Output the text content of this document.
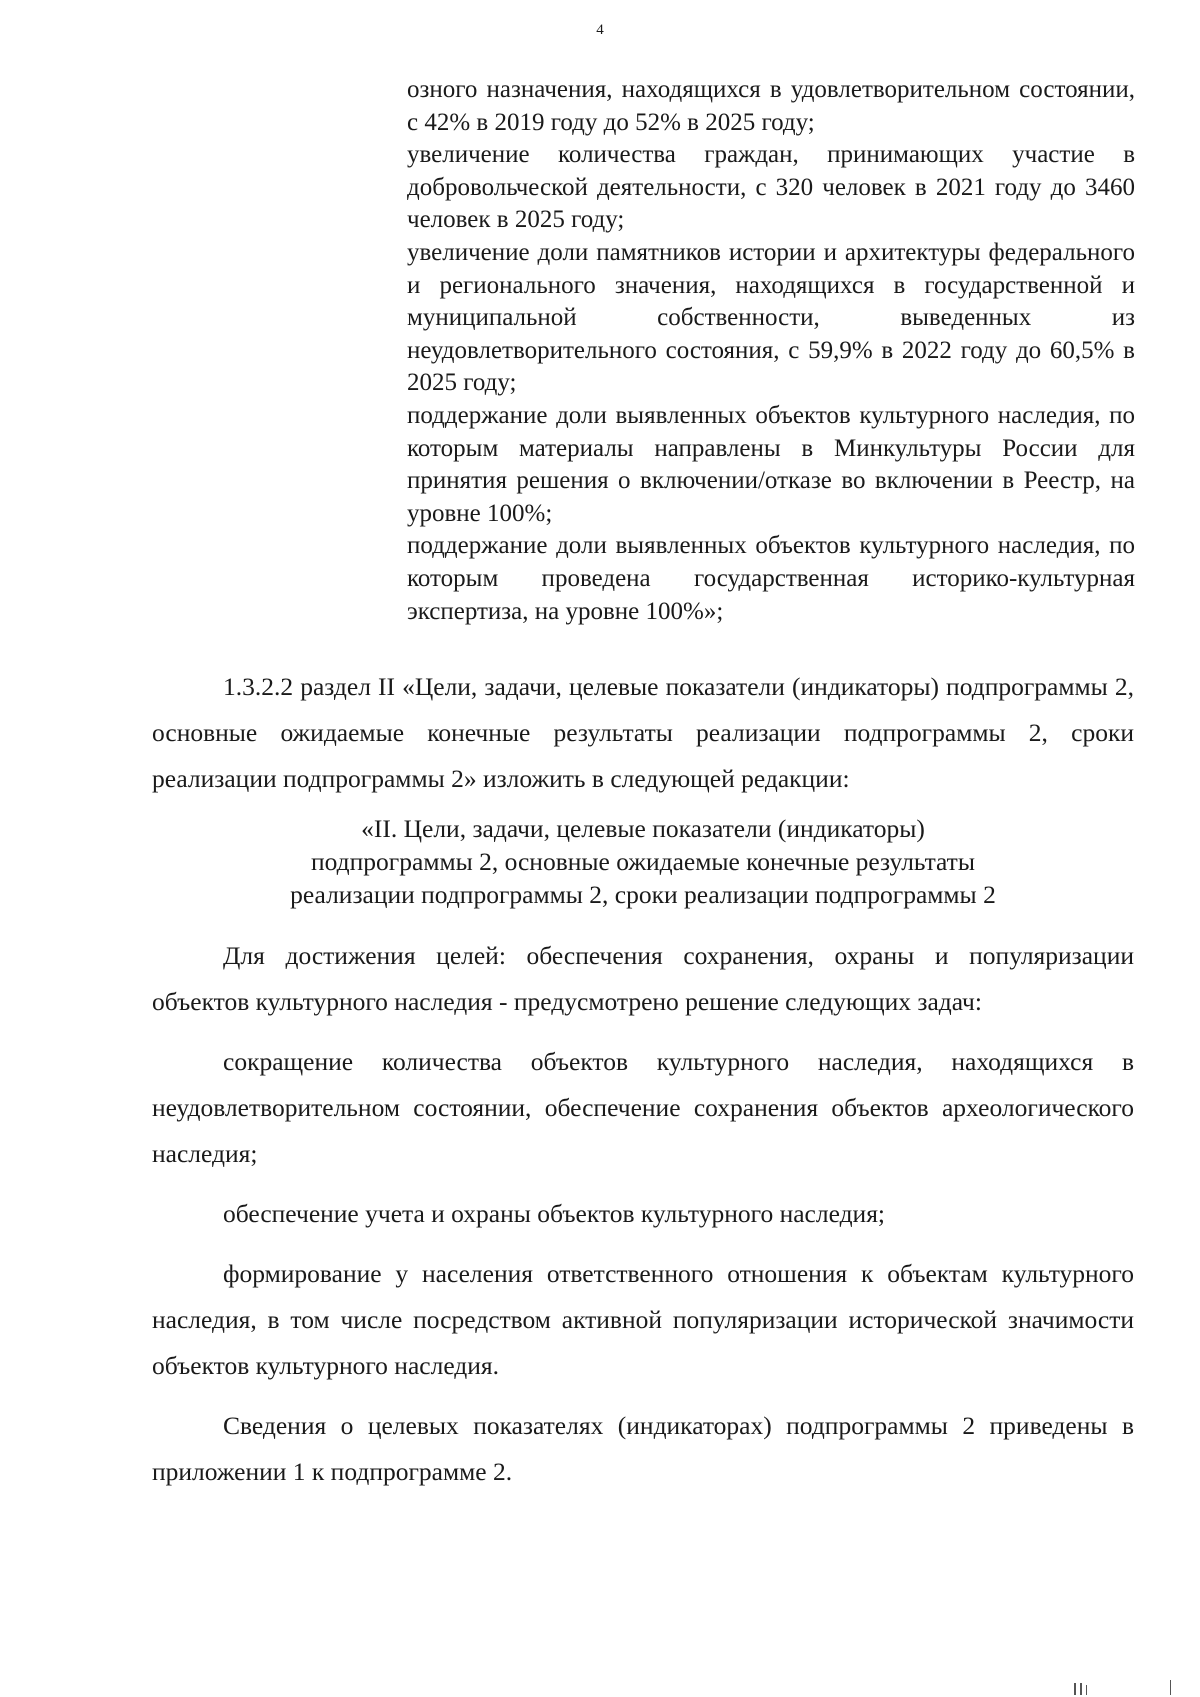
4

озного назначения, находящихся в удовлетворительном состоянии, с 42% в 2019 году до 52% в 2025 году;

увеличение количества граждан, принимающих участие в добровольческой деятельности, с 320 человек в 2021 году до 3460 человек в 2025 году;

увеличение доли памятников истории и архитектуры федерального и регионального значения, находящихся в государственной и муниципальной собственности, выведенных из неудовлетворительного состояния, с 59,9% в 2022 году до 60,5% в 2025 году;

поддержание доли выявленных объектов культурного наследия, по которым материалы направлены в Минкультуры России для принятия решения о включении/отказе во включении в Реестр, на уровне 100%;

поддержание доли выявленных объектов культурного наследия, по которым проведена государственная историко-культурная экспертиза, на уровне 100%»;

1.3.2.2 раздел II «Цели, задачи, целевые показатели (индикаторы) подпрограммы 2, основные ожидаемые конечные результаты реализации подпрограммы 2, сроки реализации подпрограммы 2» изложить в следующей редакции:

«II. Цели, задачи, целевые показатели (индикаторы)
подпрограммы 2, основные ожидаемые конечные результаты
реализации подпрограммы 2, сроки реализации подпрограммы 2

Для достижения целей: обеспечения сохранения, охраны и популяризации объектов культурного наследия - предусмотрено решение следующих задач:

сокращение количества объектов культурного наследия, находящихся в неудовлетворительном состоянии, обеспечение сохранения объектов археологического наследия;

обеспечение учета и охраны объектов культурного наследия;

формирование у населения ответственного отношения к объектам культурного наследия, в том числе посредством активной популяризации исторической значимости объектов культурного наследия.

Сведения о целевых показателях (индикаторах) подпрограммы 2 приведены в приложении 1 к подпрограмме 2.
